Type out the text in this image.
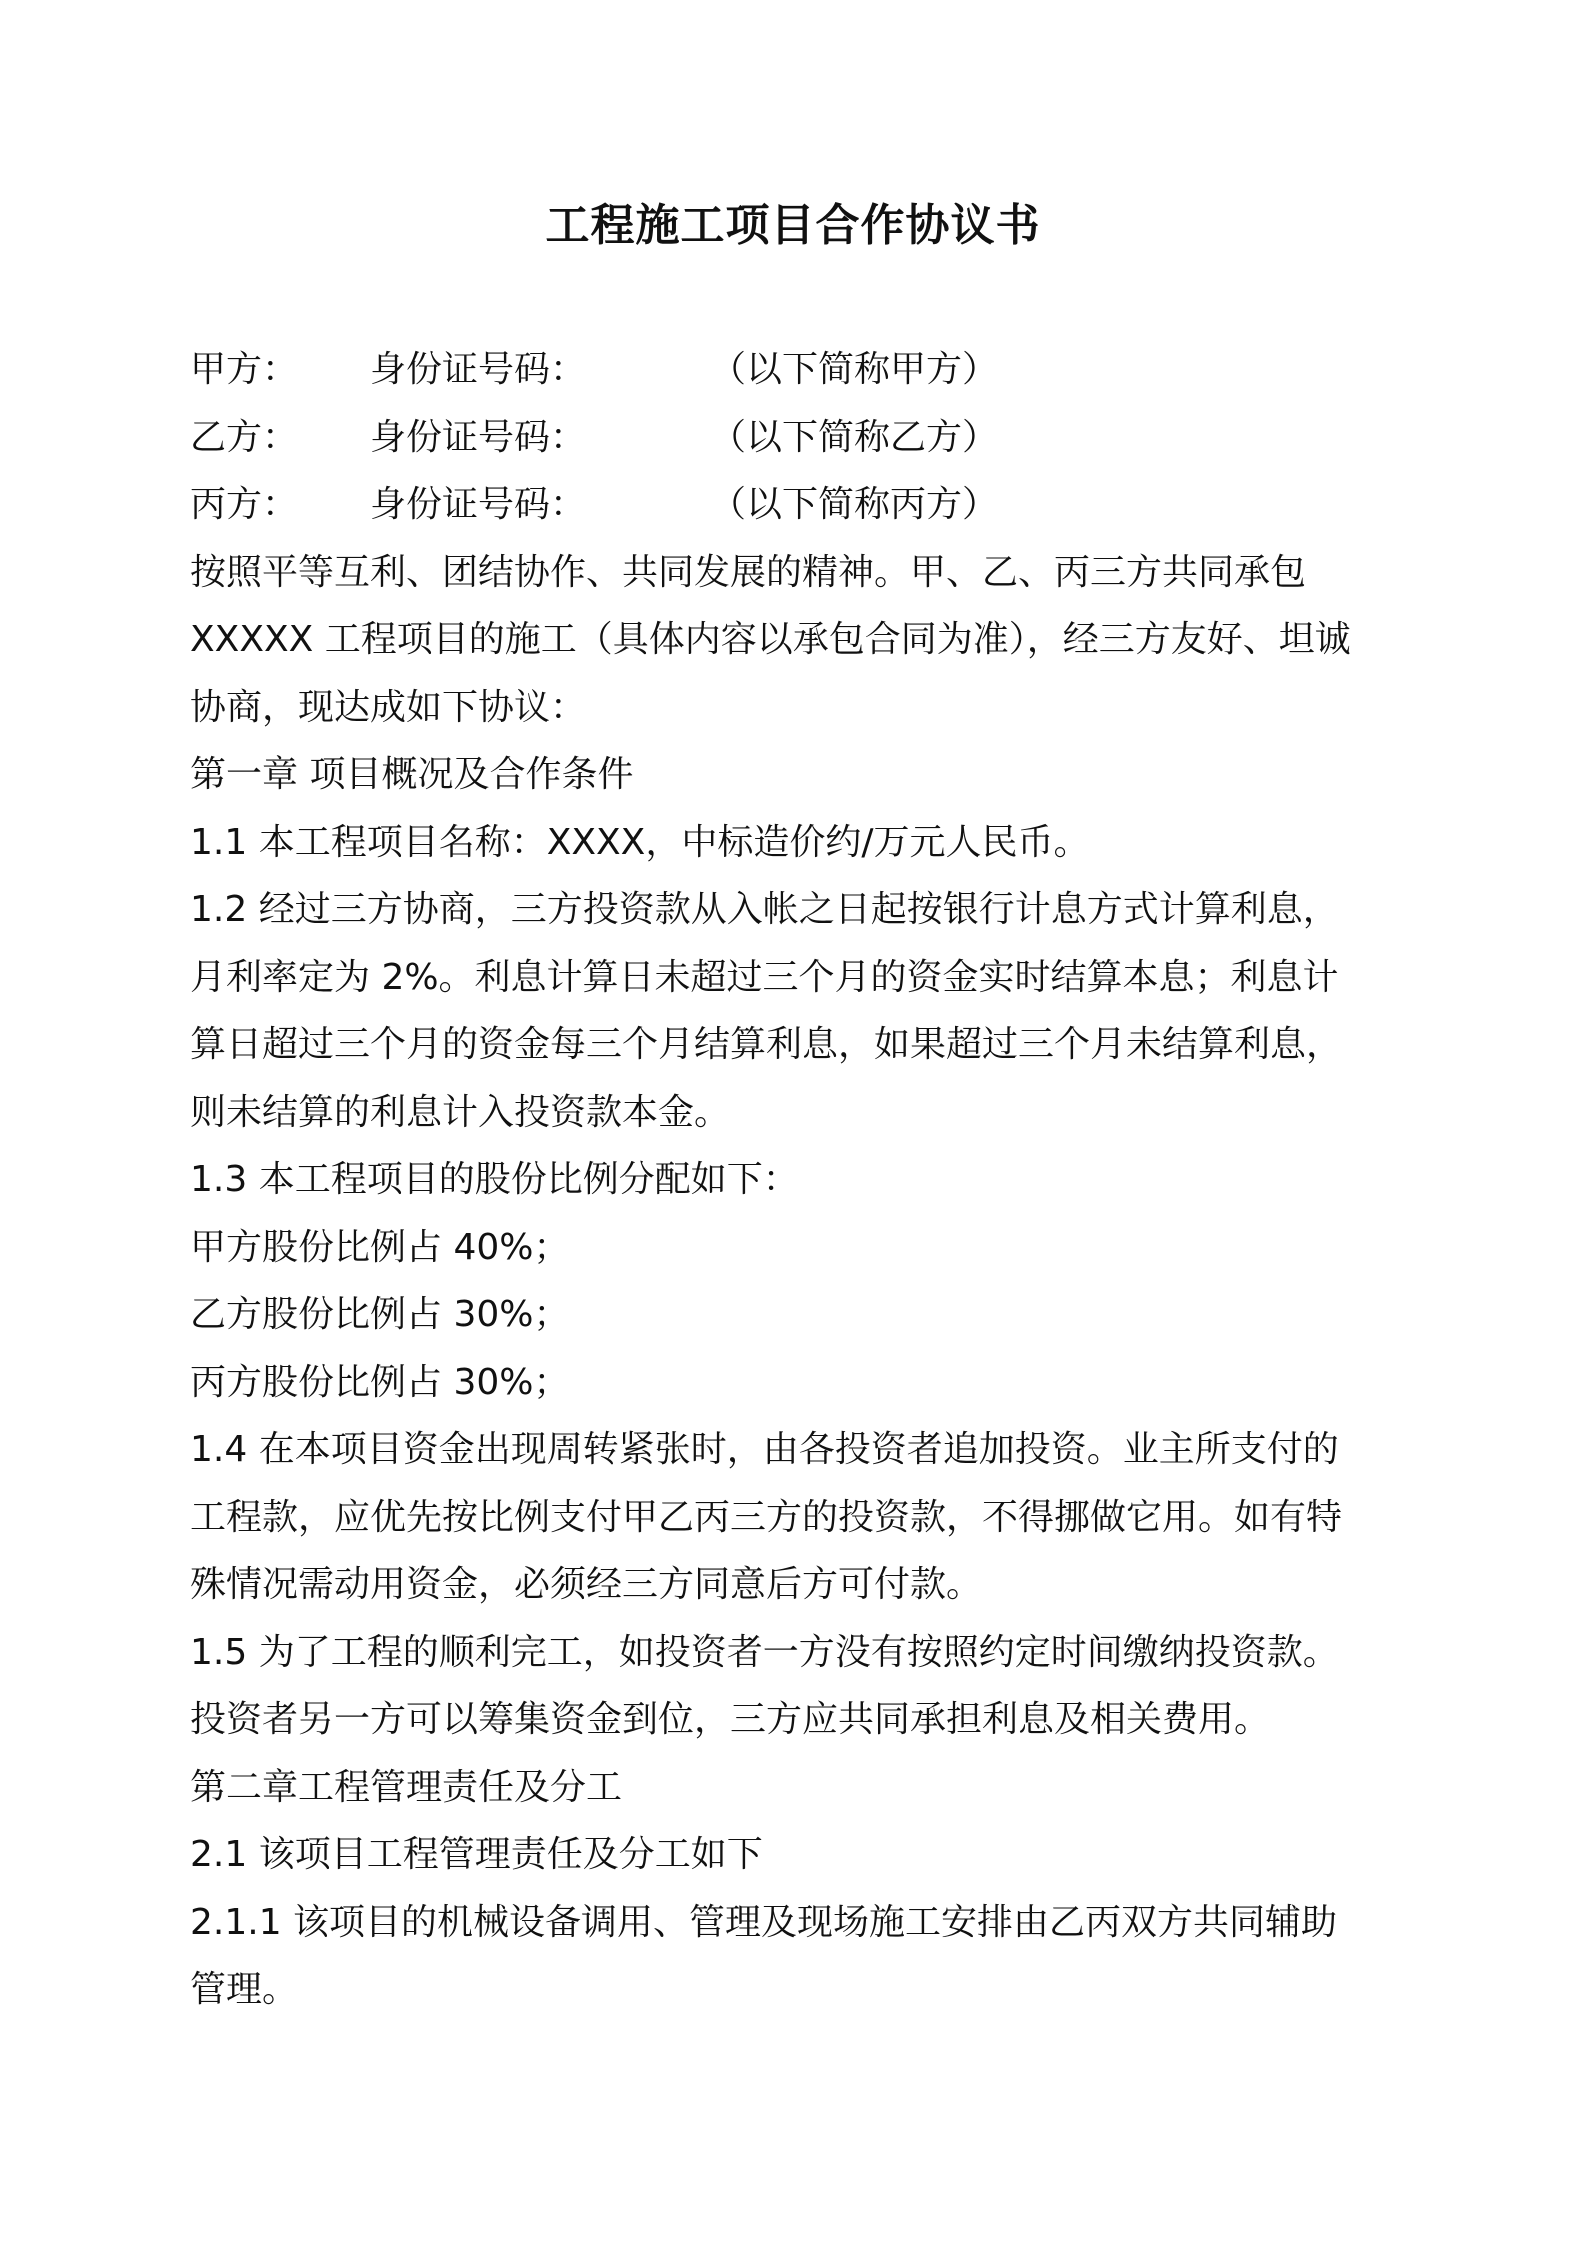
工程施工项目合作协议书
甲方：	身份证号码：	（以下简称甲方）
乙方：	身份证号码：	（以下简称乙方）
丙方：	身份证号码：	（以下简称丙方）
按照平等互利、团结协作、共同发展的精神。甲、乙、丙三方共同承包
XXXXX 工程项目的施工（具体内容以承包合同为准），经三方友好、坦诚
协商，现达成如下协议：
第一章 项目概况及合作条件
1.1 本工程项目名称：XXXX，中标造价约/万元人民币。
1.2 经过三方协商，三方投资款从入帐之日起按银行计息方式计算利息，
月利率定为 2%。利息计算日未超过三个月的资金实时结算本息；利息计
算日超过三个月的资金每三个月结算利息，如果超过三个月未结算利息，
则未结算的利息计入投资款本金。
1.3 本工程项目的股份比例分配如下：
甲方股份比例占 40%；
乙方股份比例占 30%；
丙方股份比例占 30%；
1.4 在本项目资金出现周转紧张时，由各投资者追加投资。业主所支付的
工程款，应优先按比例支付甲乙丙三方的投资款，不得挪做它用。如有特
殊情况需动用资金，必须经三方同意后方可付款。
1.5 为了工程的顺利完工，如投资者一方没有按照约定时间缴纳投资款。
投资者另一方可以筹集资金到位，三方应共同承担利息及相关费用。
第二章工程管理责任及分工
2.1 该项目工程管理责任及分工如下
2.1.1 该项目的机械设备调用、管理及现场施工安排由乙丙双方共同辅助
管理。
